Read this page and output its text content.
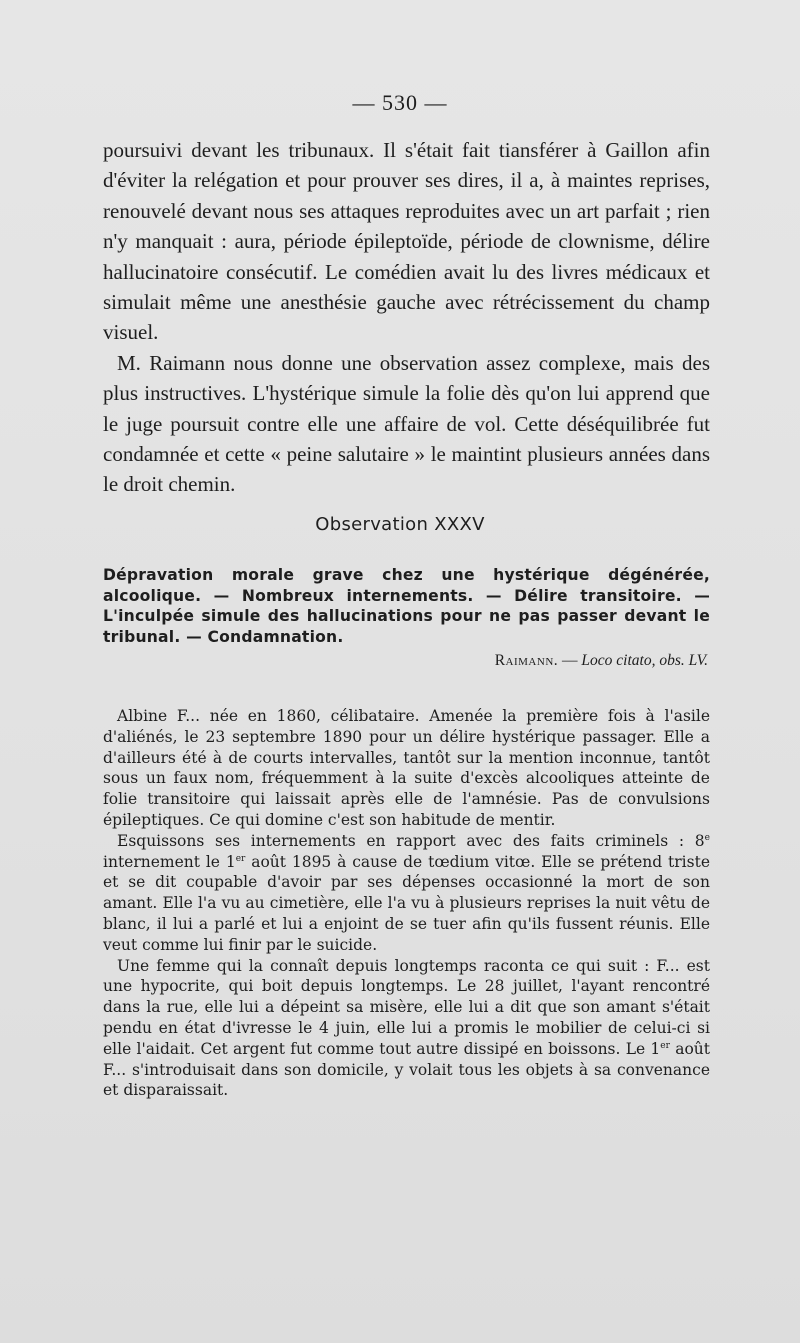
— 530 —

poursuivi devant les tribunaux. Il s'était fait tiansférer à Gaillon afin d'éviter la relégation et pour prouver ses dires, il a, à maintes reprises, renouvelé devant nous ses attaques reproduites avec un art parfait ; rien n'y manquait : aura, période épileptoïde, période de clownisme, délire hallucinatoire consécutif. Le comédien avait lu des livres médicaux et simulait même une anesthésie gauche avec rétrécissement du champ visuel.

M. Raimann nous donne une observation assez complexe, mais des plus instructives. L'hystérique simule la folie dès qu'on lui apprend que le juge poursuit contre elle une affaire de vol. Cette déséquilibrée fut condamnée et cette « peine salutaire » le maintint plusieurs années dans le droit chemin.

Observation XXXV
Dépravation morale grave chez une hystérique dégénérée, alcoolique. — Nombreux internements. — Délire transitoire. — L'inculpée simule des hallucinations pour ne pas passer devant le tribunal. — Condamnation.
Raimann. — Loco citato, obs. LV.

Albine F... née en 1860, célibataire. Amenée la première fois à l'asile d'aliénés, le 23 septembre 1890 pour un délire hystérique passager. Elle a d'ailleurs été à de courts intervalles, tantôt sur la mention inconnue, tantôt sous un faux nom, fréquemment à la suite d'excès alcooliques atteinte de folie transitoire qui laissait après elle de l'amnésie. Pas de convulsions épileptiques. Ce qui domine c'est son habitude de mentir.

Esquissons ses internements en rapport avec des faits criminels : 8e internement le 1er août 1895 à cause de tœdium vitœ. Elle se prétend triste et se dit coupable d'avoir par ses dépenses occasionné la mort de son amant. Elle l'a vu au cimetière, elle l'a vu à plusieurs reprises la nuit vêtu de blanc, il lui a parlé et lui a enjoint de se tuer afin qu'ils fussent réunis. Elle veut comme lui finir par le suicide.

Une femme qui la connaît depuis longtemps raconta ce qui suit : F... est une hypocrite, qui boit depuis longtemps. Le 28 juillet, l'ayant rencontré dans la rue, elle lui a dépeint sa misère, elle lui a dit que son amant s'était pendu en état d'ivresse le 4 juin, elle lui a promis le mobilier de celui-ci si elle l'aidait. Cet argent fut comme tout autre dissipé en boissons. Le 1er août F... s'introduisait dans son domicile, y volait tous les objets à sa convenance et disparaissait.
